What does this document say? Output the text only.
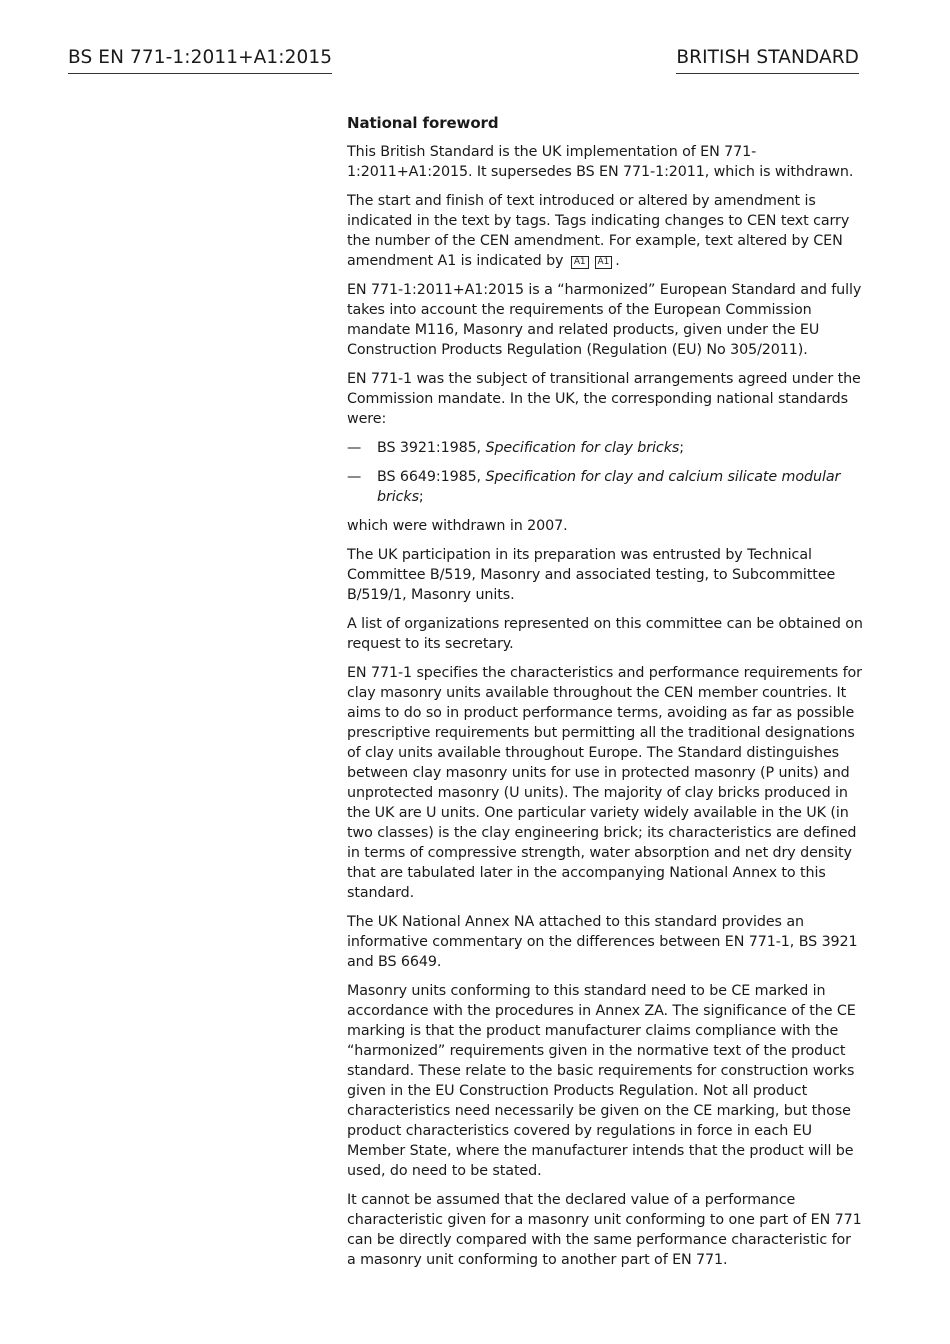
BS EN 771-1:2011+A1:2015	BRITISH STANDARD
National foreword

This British Standard is the UK implementation of EN 771-1:2011+A1:2015. It supersedes BS EN 771-1:2011, which is withdrawn.

The start and finish of text introduced or altered by amendment is indicated in the text by tags. Tags indicating changes to CEN text carry the number of the CEN amendment. For example, text altered by CEN amendment A1 is indicated by A1 A1 .

EN 771-1:2011+A1:2015 is a “harmonized” European Standard and fully takes into account the requirements of the European Commission mandate M116, Masonry and related products, given under the EU Construction Products Regulation (Regulation (EU) No 305/2011).

EN 771-1 was the subject of transitional arrangements agreed under the Commission mandate. In the UK, the corresponding national standards were:

—	BS 3921:1985, Specification for clay bricks;
—	BS 6649:1985, Specification for clay and calcium silicate modular bricks;

which were withdrawn in 2007.

The UK participation in its preparation was entrusted by Technical Committee B/519, Masonry and associated testing, to Subcommittee B/519/1, Masonry units.

A list of organizations represented on this committee can be obtained on request to its secretary.

EN 771-1 specifies the characteristics and performance requirements for clay masonry units available throughout the CEN member countries. It aims to do so in product performance terms, avoiding as far as possible prescriptive requirements but permitting all the traditional designations of clay units available throughout Europe. The Standard distinguishes between clay masonry units for use in protected masonry (P units) and unprotected masonry (U units). The majority of clay bricks produced in the UK are U units. One particular variety widely available in the UK (in two classes) is the clay engineering brick; its characteristics are defined in terms of compressive strength, water absorption and net dry density that are tabulated later in the accompanying National Annex to this standard.

The UK National Annex NA attached to this standard provides an informative commentary on the differences between EN 771-1, BS 3921 and BS 6649.

Masonry units conforming to this standard need to be CE marked in accordance with the procedures in Annex ZA. The significance of the CE marking is that the product manufacturer claims compliance with the “harmonized” requirements given in the normative text of the product standard. These relate to the basic requirements for construction works given in the EU Construction Products Regulation. Not all product characteristics need necessarily be given on the CE marking, but those product characteristics covered by regulations in force in each EU Member State, where the manufacturer intends that the product will be used, do need to be stated.

It cannot be assumed that the declared value of a performance characteristic given for a masonry unit conforming to one part of EN 771 can be directly compared with the same performance characteristic for a masonry unit conforming to another part of EN 771.
